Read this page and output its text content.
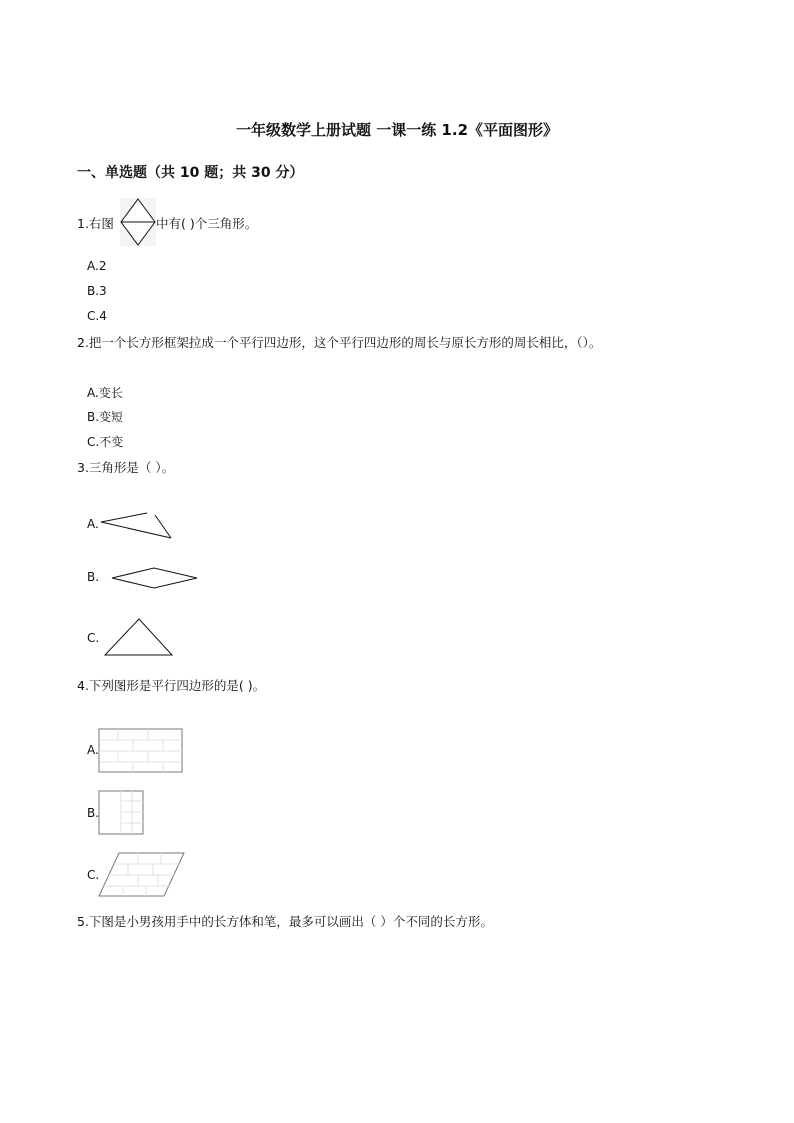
一年级数学上册试题 一课一练 1.2《平面图形》
一、单选题（共 10 题；共 30 分）
1.右图	中有( )个三角形。
A.2
B.3
C.4
2.把一个长方形框架拉成一个平行四边形，这个平行四边形的周长与原长方形的周长相比，（）。
A.变长
B.变短
C.不变
3.三角形是（ ）。
A.
B.
C.
4.下列图形是平行四边形的是( )。
A.
B.
C.
5.下图是小男孩用手中的长方体和笔，最多可以画出（ ）个不同的长方形。
